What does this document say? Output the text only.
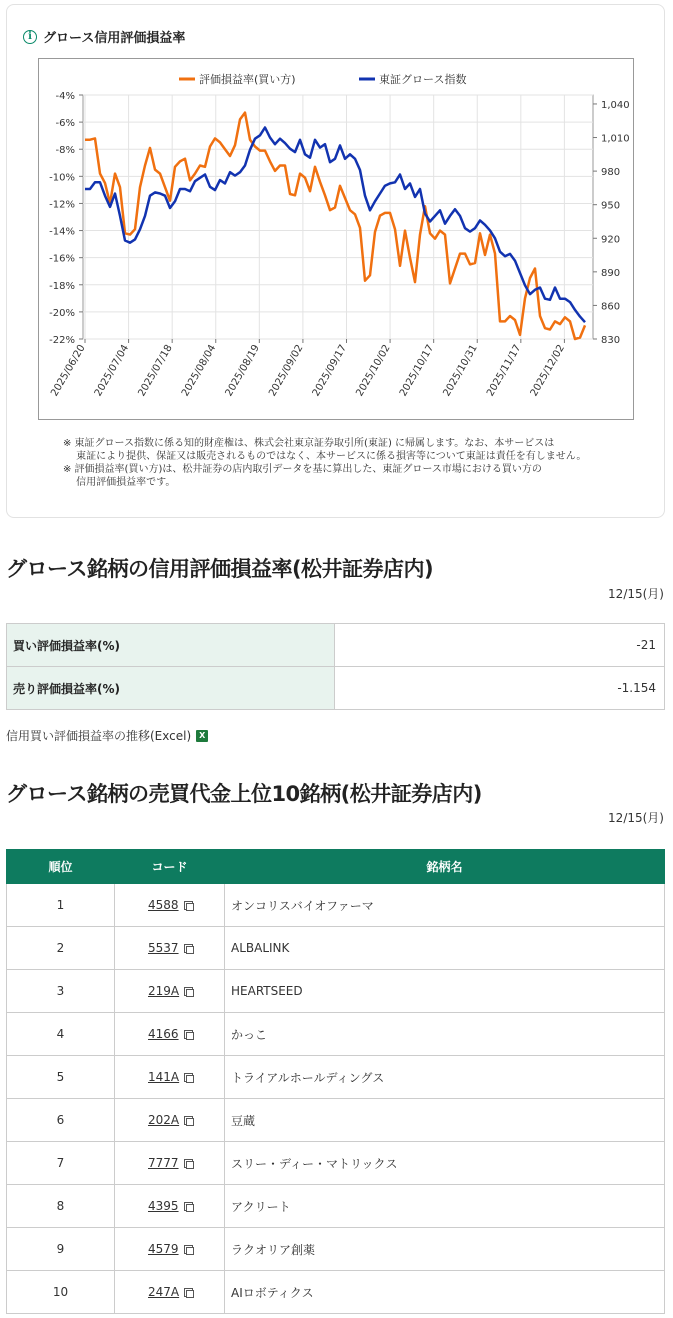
i グロース信用評価損益率
-4%
-6%
-8%
-10%
-12%
-14%
-16%
-18%
-20%
-22%
1,040
1,010
980
950
920
890
860
830
2025/06/20 2025/07/04 2025/07/18 2025/08/04 2025/08/19 2025/09/02 2025/09/17 2025/10/02 2025/10/17 2025/10/31 2025/11/17 2025/12/02
評価損益率(買い方)	東証グロース指数

※ 東証グロース指数に係る知的財産権は、株式会社東京証券取引所(東証) に帰属します。なお、本サービスは

　 東証により提供、保証又は販売されるものではなく、本サービスに係る損害等について東証は責任を有しません。

※ 評価損益率(買い方)は、松井証券の店内取引データを基に算出した、東証グロース市場における買い方の

　 信用評価損益率です。

グロース銘柄の信用評価損益率(松井証券店内)
12/15(月)
買い評価損益率(%)	-21
売り評価損益率(%)	-1.154
信用買い評価損益率の推移(Excel) X
グロース銘柄の売買代金上位10銘柄(松井証券店内)
12/15(月)
順位	コード	銘柄名
1	4588	オンコリスバイオファーマ
2	5537	ALBALINK
3	219A	HEARTSEED
4	4166	かっこ
5	141A	トライアルホールディングス
6	202A	豆蔵
7	7777	スリー・ディー・マトリックス
8	4395	アクリート
9	4579	ラクオリア創薬
10	247A	AIロボティクス
